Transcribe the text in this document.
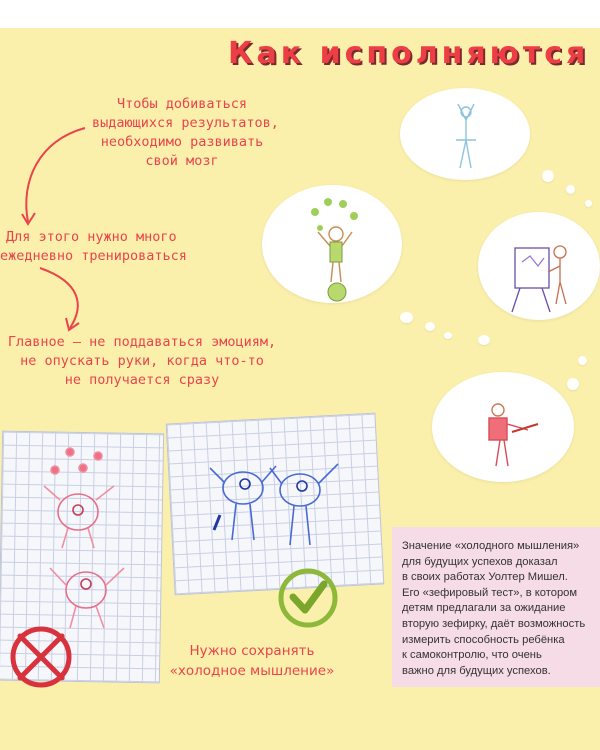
Как исполняются
Чтобы добиваться
выдающихся результатов,
необходимо развивать
свой мозг
Для этого нужно много
ежедневно тренироваться
Главное – не поддаваться эмоциям,
не опускать руки, когда что-то
не получается сразу
Нужно сохранять
«холодное мышление»
Значение «холодного мышления»
для будущих успехов доказал
в своих работах Уолтер Мишел.
Его «зефировый тест», в котором
детям предлагали за ожидание
вторую зефирку, даёт возможность
измерить способность ребёнка
к самоконтролю, что очень
важно для будущих успехов.
